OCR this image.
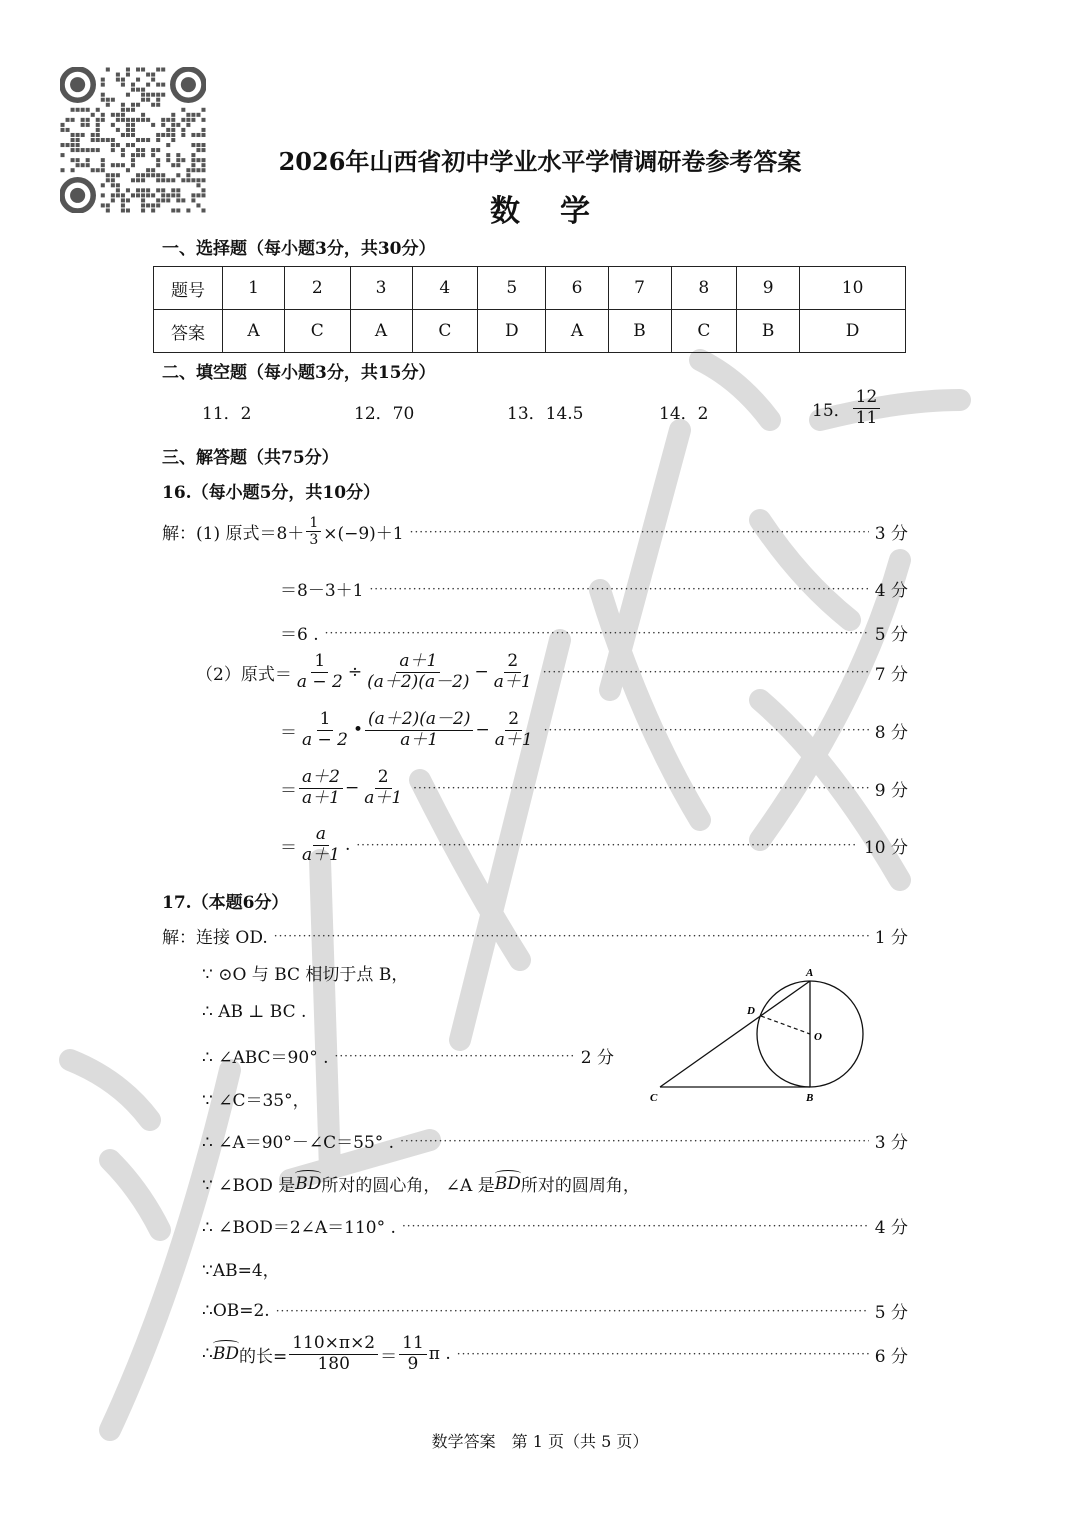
2026年山西省初中学业水平学情调研卷参考答案
数学
一、选择题（每小题3分，共30分）
题号	1	2	3	4	5	6	7	8	9	10
答案	A	C	A	C	D	A	B	C	B	D
二、填空题（每小题3分，共15分）
11．2	12．70	13．14.5	14．2	15． $\frac{12}{11}$
三、解答题（共75分）
16.（每小题5分，共10分）
解：(1) 原式$=8+ \frac{1}{3} \times(-9)+1$ ·····	3 分
＝8－3＋1 ·····	4 分
＝6 . ·····	5 分
（2）原式＝ $\frac{1}{a - 2} \div \frac{a+1}{(a+2)(a-2)} - \frac{2}{a+1}$ ·····	7 分
＝ $\frac{1}{a - 2}$ • $\frac{(a+2)(a-2)}{a+1} - \frac{2}{a+1}$ ·····	8 分
＝ $\frac{a+2}{a+1} - \frac{2}{a+1}$ ·····	9 分
＝ $\frac{a}{a+1}$ . ·····	10 分
17.（本题6分）
解：连接 OD. ·····	1 分
∵ ⊙O 与 BC 相切于点 B，
∴ AB ⊥ BC .
∴ ∠ABC＝90° . ·····	2 分
∵ ∠C＝35°，
∴ ∠A＝90°－∠C＝55° . ·····	3 分
∵ ∠BOD 是 BD 所对的圆心角， ∠A 是 BD 所对的圆周角，
∴ ∠BOD＝2∠A＝110° . ·····	4 分
∵AB=4，
∴OB=2. ·····	5 分
∴ BD 的长= $\frac{110\times\pi\times 2}{180} = \frac{11}{9}$ π . ·····	6 分
A
D
O
C	B
数学答案　第 1 页（共 5 页）
